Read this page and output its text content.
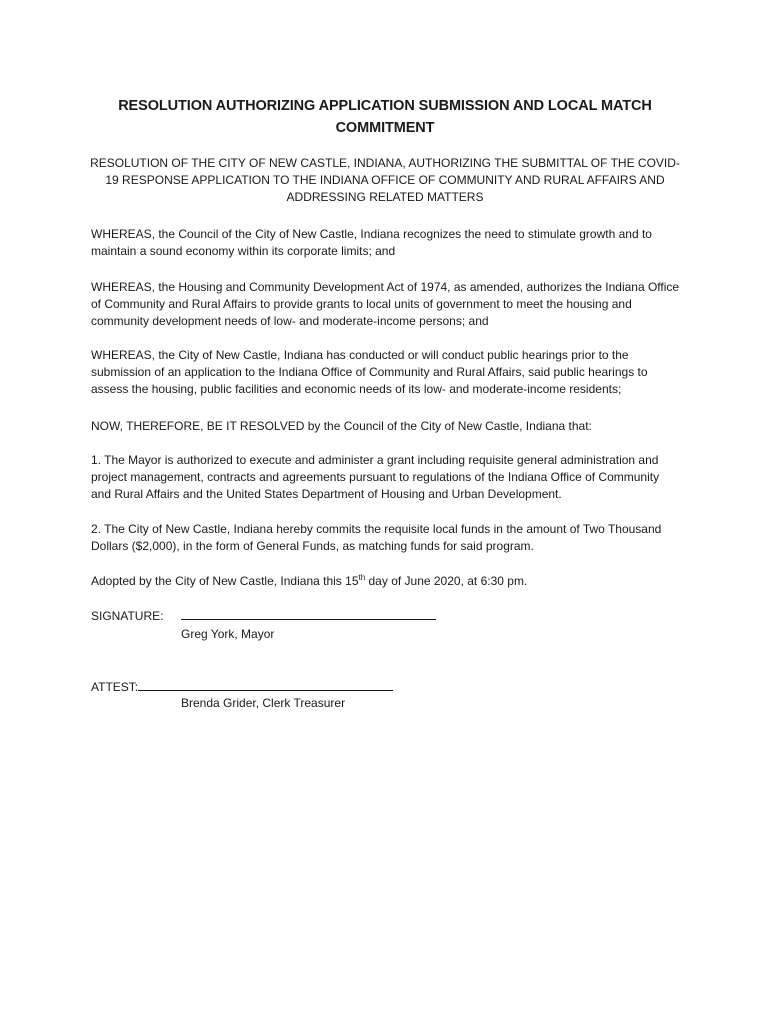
RESOLUTION AUTHORIZING APPLICATION SUBMISSION AND LOCAL MATCH COMMITMENT
RESOLUTION OF THE CITY OF NEW CASTLE, INDIANA, AUTHORIZING THE SUBMITTAL OF THE COVID-19 RESPONSE APPLICATION TO THE INDIANA OFFICE OF COMMUNITY AND RURAL AFFAIRS AND ADDRESSING RELATED MATTERS
WHEREAS, the Council of the City of New Castle, Indiana recognizes the need to stimulate growth and to maintain a sound economy within its corporate limits; and
WHEREAS, the Housing and Community Development Act of 1974, as amended, authorizes the Indiana Office of Community and Rural Affairs to provide grants to local units of government to meet the housing and community development needs of low- and moderate-income persons; and
WHEREAS, the City of New Castle, Indiana has conducted or will conduct public hearings prior to the submission of an application to the Indiana Office of Community and Rural Affairs, said public hearings to assess the housing, public facilities and economic needs of its low- and moderate-income residents;
NOW, THEREFORE, BE IT RESOLVED by the Council of the City of New Castle, Indiana that:
1. The Mayor is authorized to execute and administer a grant including requisite general administration and project management, contracts and agreements pursuant to regulations of the Indiana Office of Community and Rural Affairs and the United States Department of Housing and Urban Development.
2. The City of New Castle, Indiana hereby commits the requisite local funds in the amount of Two Thousand Dollars ($2,000), in the form of General Funds, as matching funds for said program.
Adopted by the City of New Castle, Indiana this 15th day of June 2020, at 6:30 pm.
SIGNATURE:
Greg York, Mayor
ATTEST:
Brenda Grider, Clerk Treasurer
